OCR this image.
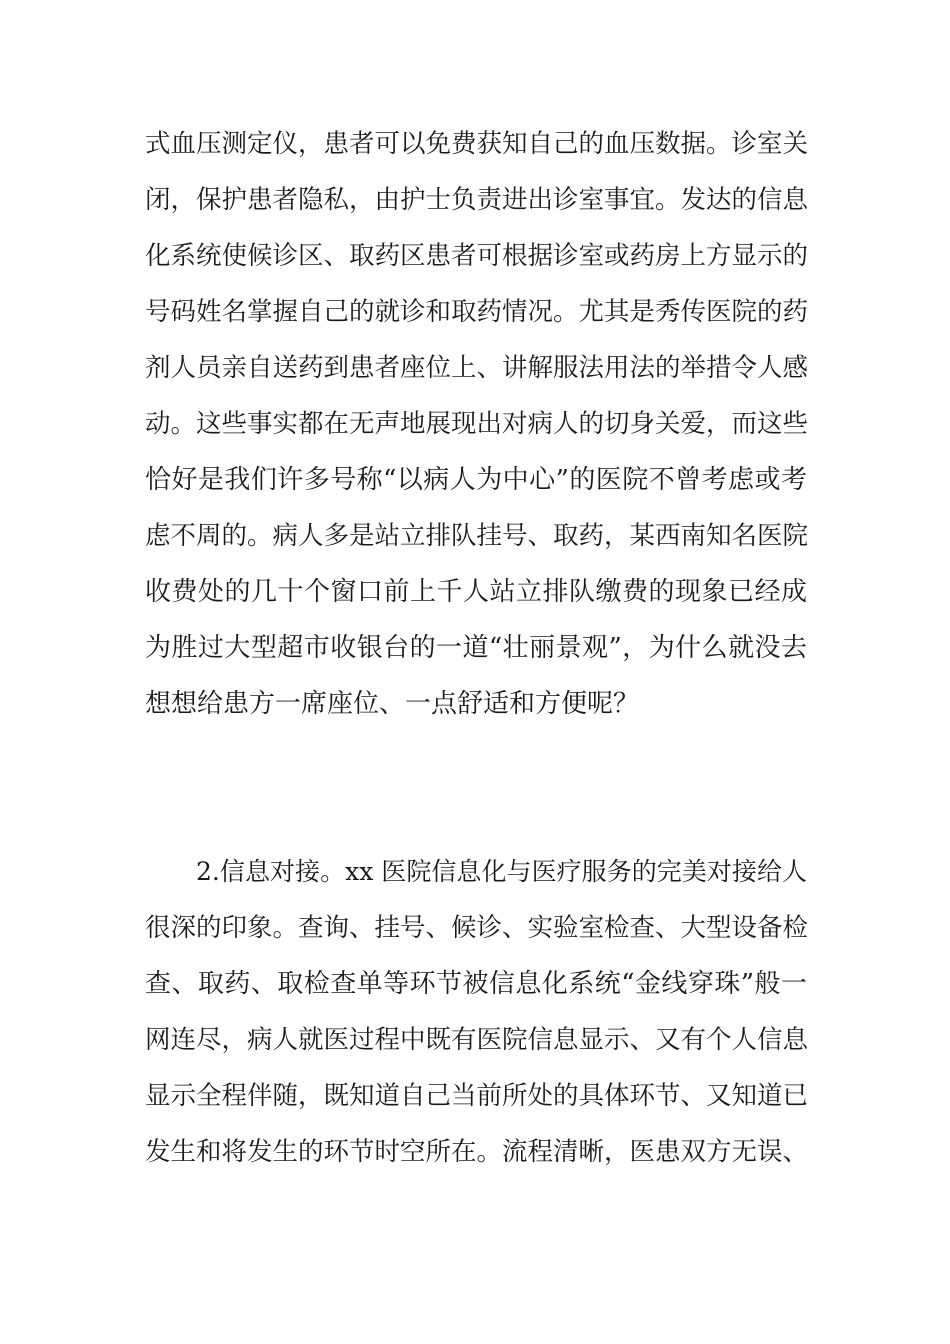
式血压测定仪，患者可以免费获知自己的血压数据。诊室关
闭，保护患者隐私，由护士负责进出诊室事宜。发达的信息
化系统使候诊区、取药区患者可根据诊室或药房上方显示的
号码姓名掌握自己的就诊和取药情况。尤其是秀传医院的药
剂人员亲自送药到患者座位上、讲解服法用法的举措令人感
动。这些事实都在无声地展现出对病人的切身关爱，而这些
恰好是我们许多号称“以病人为中心”的医院不曾考虑或考
虑不周的。病人多是站立排队挂号、取药，某西南知名医院
收费处的几十个窗口前上千人站立排队缴费的现象已经成
为胜过大型超市收银台的一道“壮丽景观”，为什么就没去
想想给患方一席座位、一点舒适和方便呢？
2.信息对接。xx 医院信息化与医疗服务的完美对接给人
很深的印象。查询、挂号、候诊、实验室检查、大型设备检
查、取药、取检查单等环节被信息化系统“金线穿珠”般一
网连尽，病人就医过程中既有医院信息显示、又有个人信息
显示全程伴随，既知道自己当前所处的具体环节、又知道已
发生和将发生的环节时空所在。流程清晰，医患双方无误、
